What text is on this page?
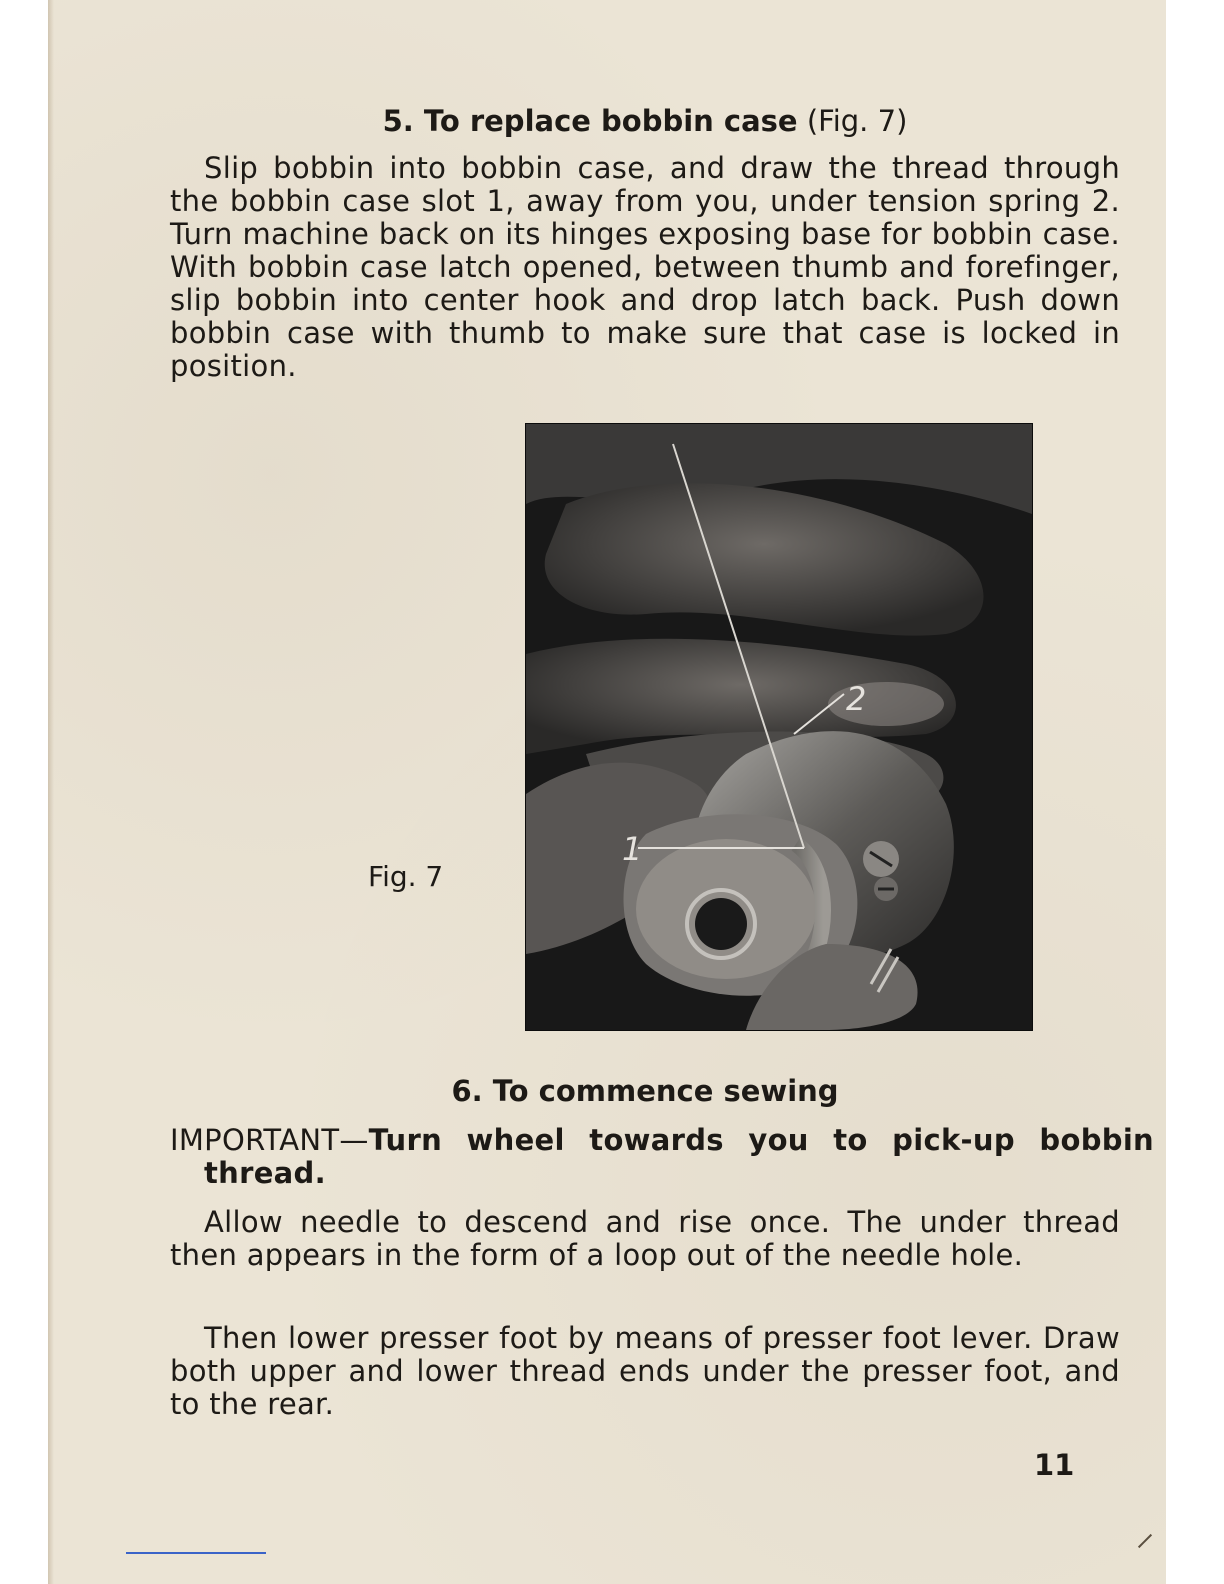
5. To replace bobbin case (Fig. 7)

Slip bobbin into bobbin case, and draw the thread through the bobbin case slot 1, away from you, under tension spring 2. Turn machine back on its hinges exposing base for bobbin case. With bobbin case latch opened, between thumb and forefinger, slip bobbin into center hook and drop latch back. Push down bobbin case with thumb to make sure that case is locked in position.

1
2
Fig. 7
6. To commence sewing

IMPORTANT—Turn wheel towards you to pick-up bobbin thread.

Allow needle to descend and rise once. The under thread then appears in the form of a loop out of the needle hole.

Then lower presser foot by means of presser foot lever. Draw both upper and lower thread ends under the presser foot, and to the rear.

11
